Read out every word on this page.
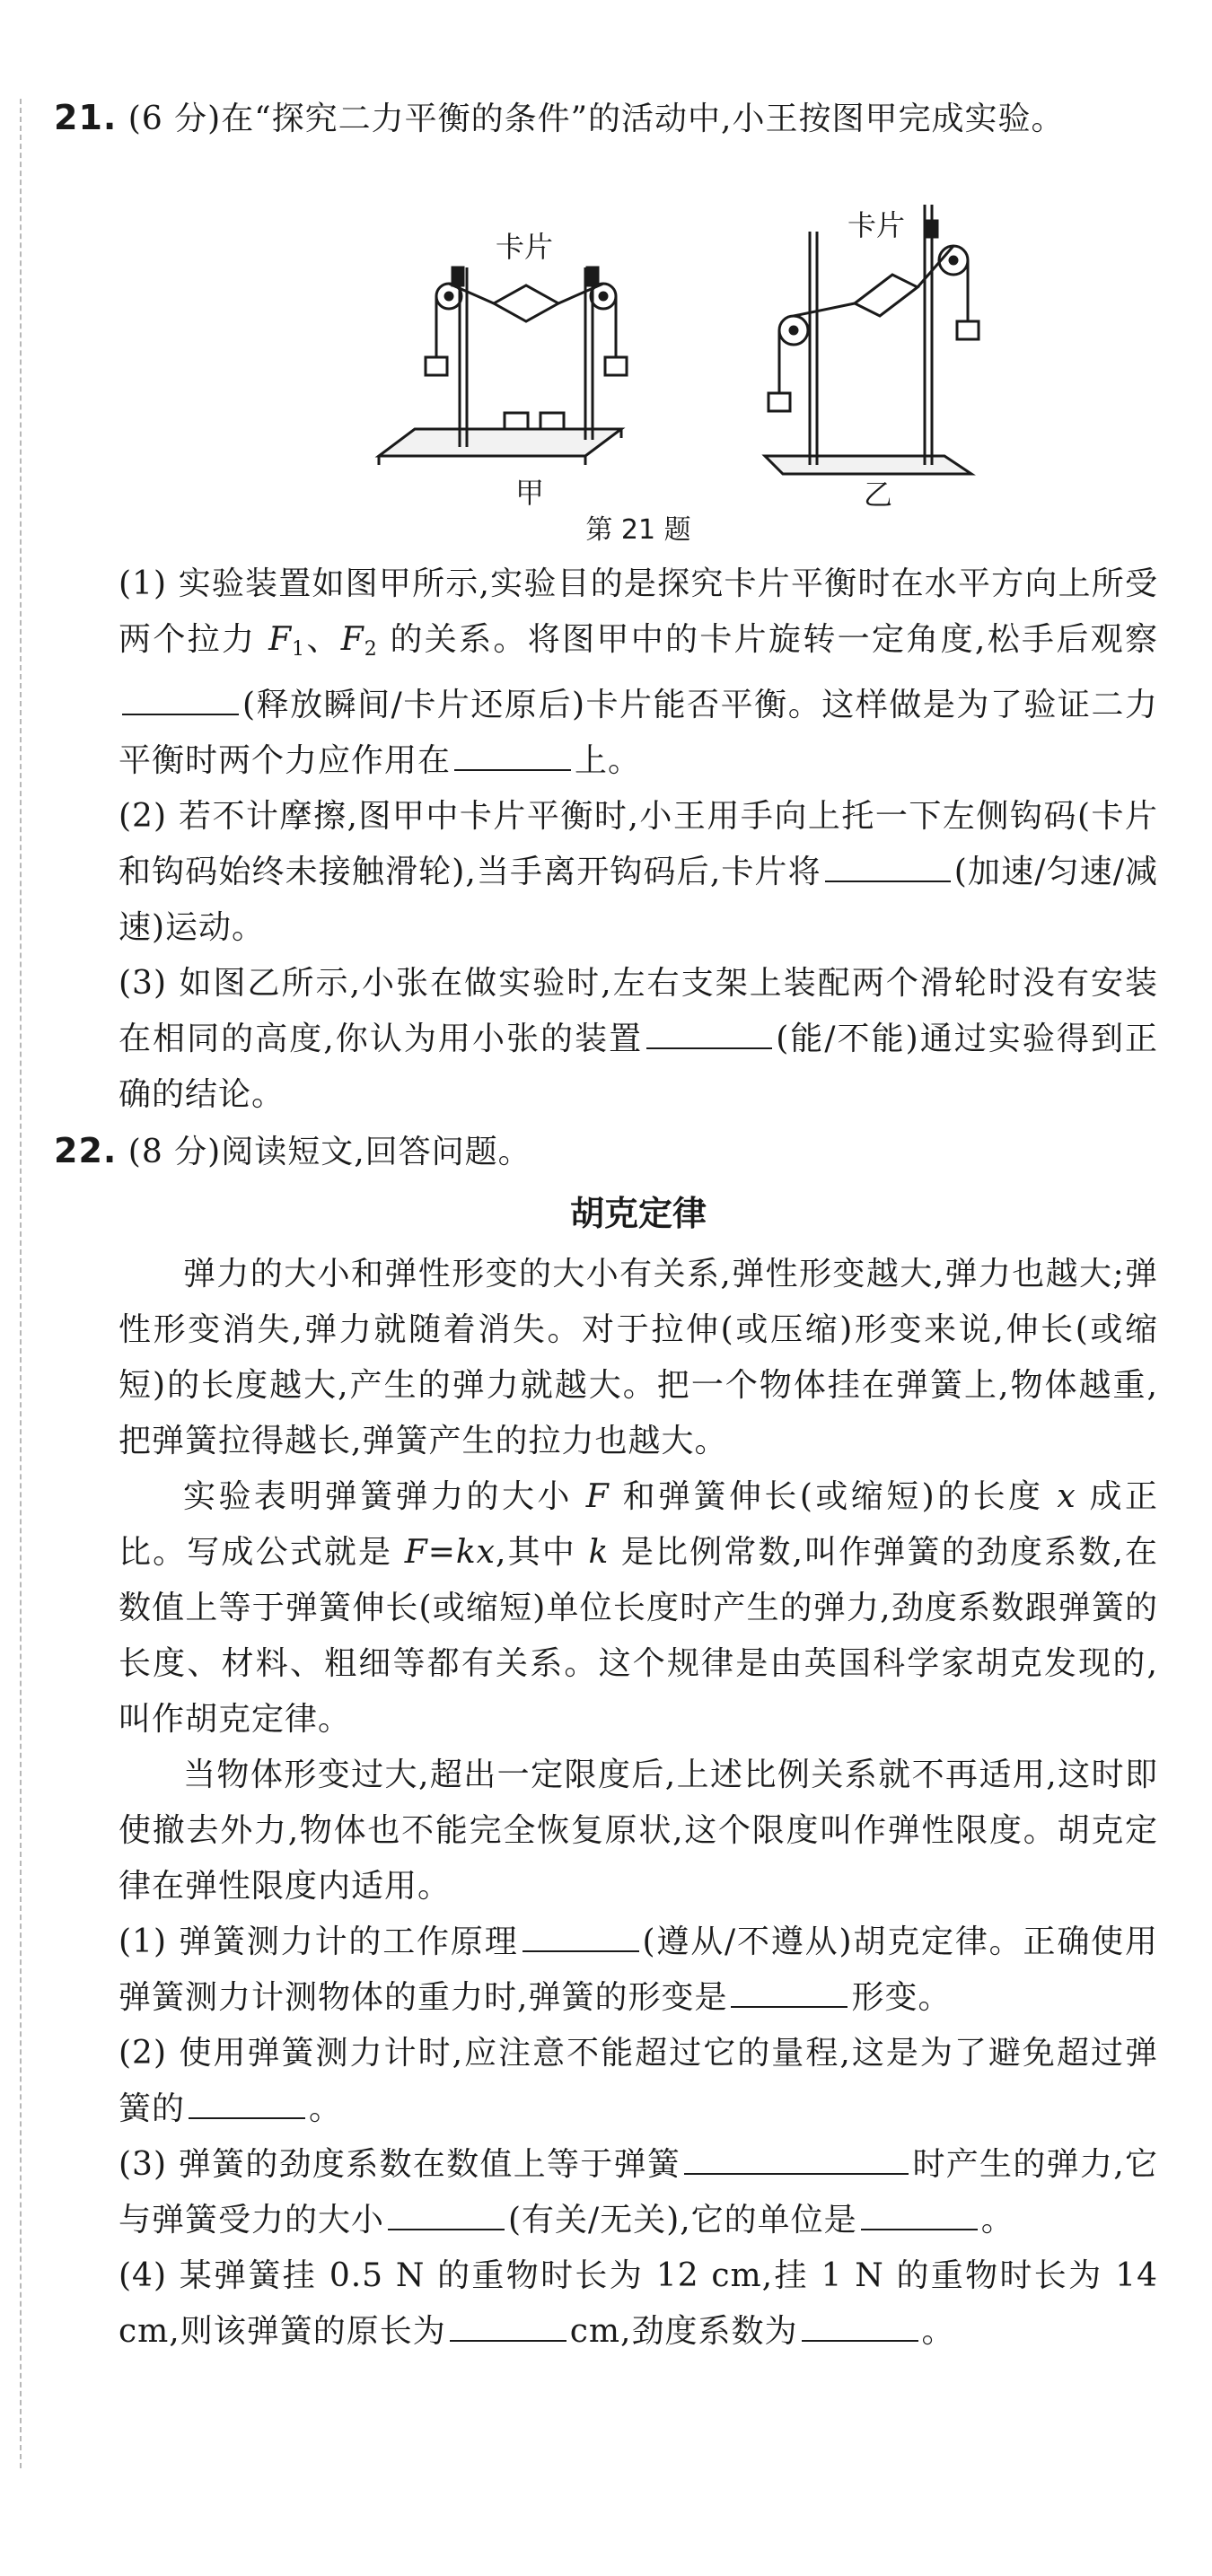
21. (6 分)在“探究二力平衡的条件”的活动中,小王按图甲完成实验。

卡片
卡片
甲	乙

第 21 题

(1) 实验装置如图甲所示,实验目的是探究卡片平衡时在水平方向上所受两个拉力 F1、F2 的关系。将图甲中的卡片旋转一定角度,松手后观察(释放瞬间/卡片还原后)卡片能否平衡。这样做是为了验证二力平衡时两个力应作用在	上。

(2) 若不计摩擦,图甲中卡片平衡时,小王用手向上托一下左侧钩码(卡片和钩码始终未接触滑轮),当手离开钩码后,卡片将	(加速/匀速/减速)运动。

(3) 如图乙所示,小张在做实验时,左右支架上装配两个滑轮时没有安装在相同的高度,你认为用小张的装置	(能/不能)通过实验得到正确的结论。

22. (8 分)阅读短文,回答问题。

胡克定律

弹力的大小和弹性形变的大小有关系,弹性形变越大,弹力也越大;弹性形变消失,弹力就随着消失。对于拉伸(或压缩)形变来说,伸长(或缩短)的长度越大,产生的弹力就越大。把一个物体挂在弹簧上,物体越重,把弹簧拉得越长,弹簧产生的拉力也越大。

实验表明弹簧弹力的大小 F 和弹簧伸长(或缩短)的长度 x 成正比。写成公式就是 F=kx,其中 k 是比例常数,叫作弹簧的劲度系数,在数值上等于弹簧伸长(或缩短)单位长度时产生的弹力,劲度系数跟弹簧的长度、材料、粗细等都有关系。这个规律是由英国科学家胡克发现的,叫作胡克定律。

当物体形变过大,超出一定限度后,上述比例关系就不再适用,这时即使撤去外力,物体也不能完全恢复原状,这个限度叫作弹性限度。胡克定律在弹性限度内适用。

(1) 弹簧测力计的工作原理	(遵从/不遵从)胡克定律。正确使用弹簧测力计测物体的重力时,弹簧的形变是	形变。

(2) 使用弹簧测力计时,应注意不能超过它的量程,这是为了避免超过弹簧的	。

(3) 弹簧的劲度系数在数值上等于弹簧	时产生的弹力,它与弹簧受力的大小	(有关/无关),它的单位是	。

(4) 某弹簧挂 0.5 N 的重物时长为 12 cm,挂 1 N 的重物时长为 14 cm,则该弹簧的原长为	cm,劲度系数为	。
